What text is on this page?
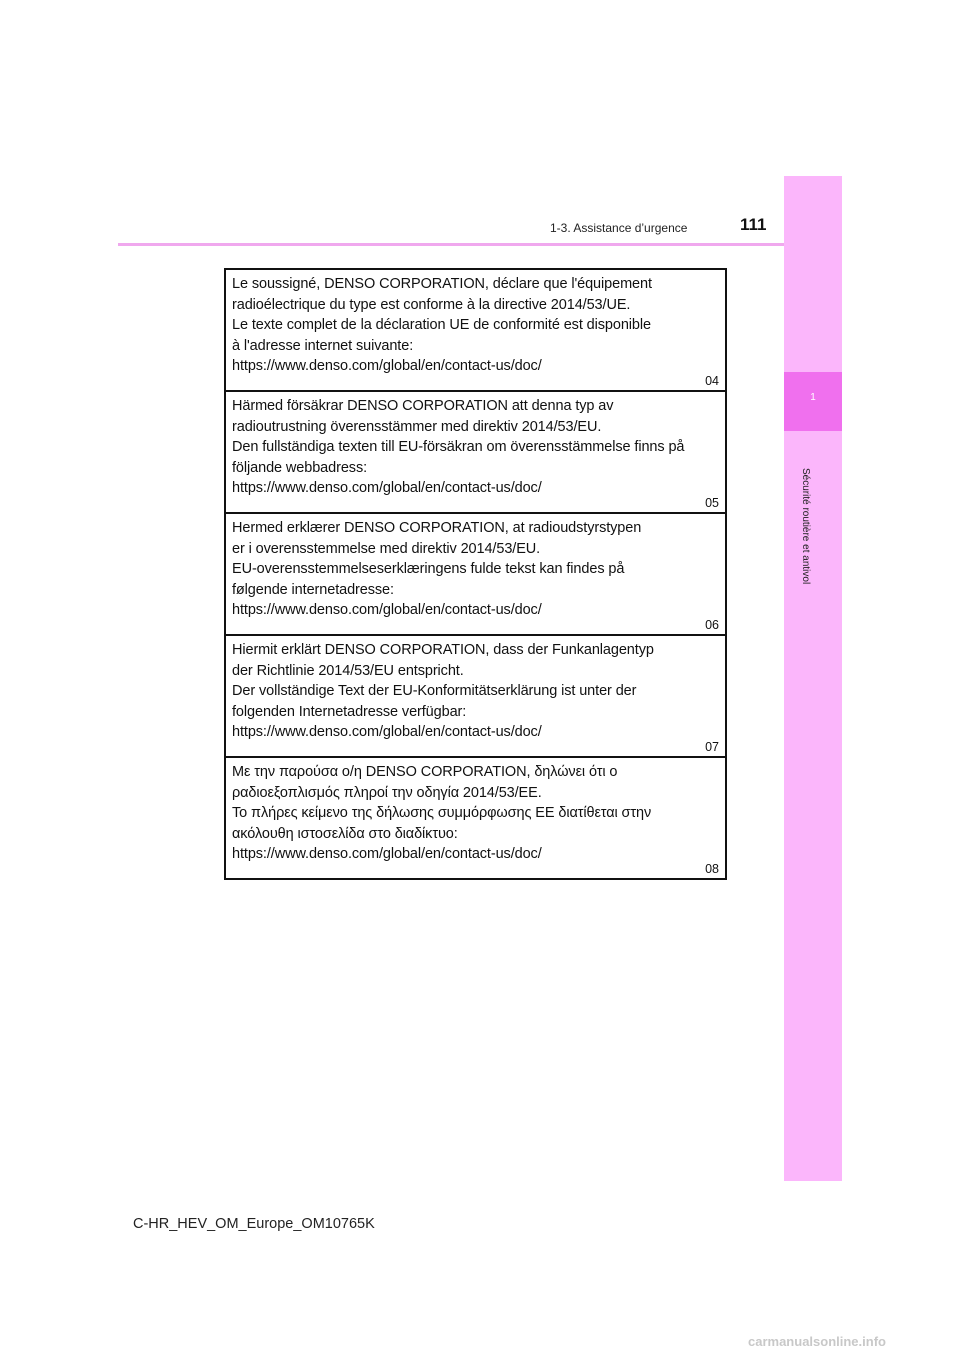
1-3. Assistance d’urgence	111
1
Sécurité routière et antivol
Le soussigné, DENSO CORPORATION, déclare que l'équipement
radioélectrique du type est conforme à la directive 2014/53/UE.
Le texte complet de la déclaration UE de conformité est disponible
à l'adresse internet suivante:
https://www.denso.com/global/en/contact-us/doc/
04
Härmed försäkrar DENSO CORPORATION att denna typ av
radioutrustning överensstämmer med direktiv 2014/53/EU.
Den fullständiga texten till EU-försäkran om överensstämmelse finns på
följande webbadress:
https://www.denso.com/global/en/contact-us/doc/
05
Hermed erklærer DENSO CORPORATION, at radioudstyrstypen
er i overensstemmelse med direktiv 2014/53/EU.
EU-overensstemmelseserklæringens fulde tekst kan findes på
følgende internetadresse:
https://www.denso.com/global/en/contact-us/doc/
06
Hiermit erklärt DENSO CORPORATION, dass der Funkanlagentyp
der Richtlinie 2014/53/EU entspricht.
Der vollständige Text der EU-Konformitätserklärung ist unter der
folgenden Internetadresse verfügbar:
https://www.denso.com/global/en/contact-us/doc/
07
Με την παρούσα ο/η DENSO CORPORATION, δηλώνει ότι ο
ραδιοεξοπλισμός πληροί την οδηγία 2014/53/ΕΕ.
Το πλήρες κείμενο της δήλωσης συμμόρφωσης ΕΕ διατίθεται στην
ακόλουθη ιστοσελίδα στο διαδίκτυο:
https://www.denso.com/global/en/contact-us/doc/
08
C-HR_HEV_OM_Europe_OM10765K
carmanualsonline.info
